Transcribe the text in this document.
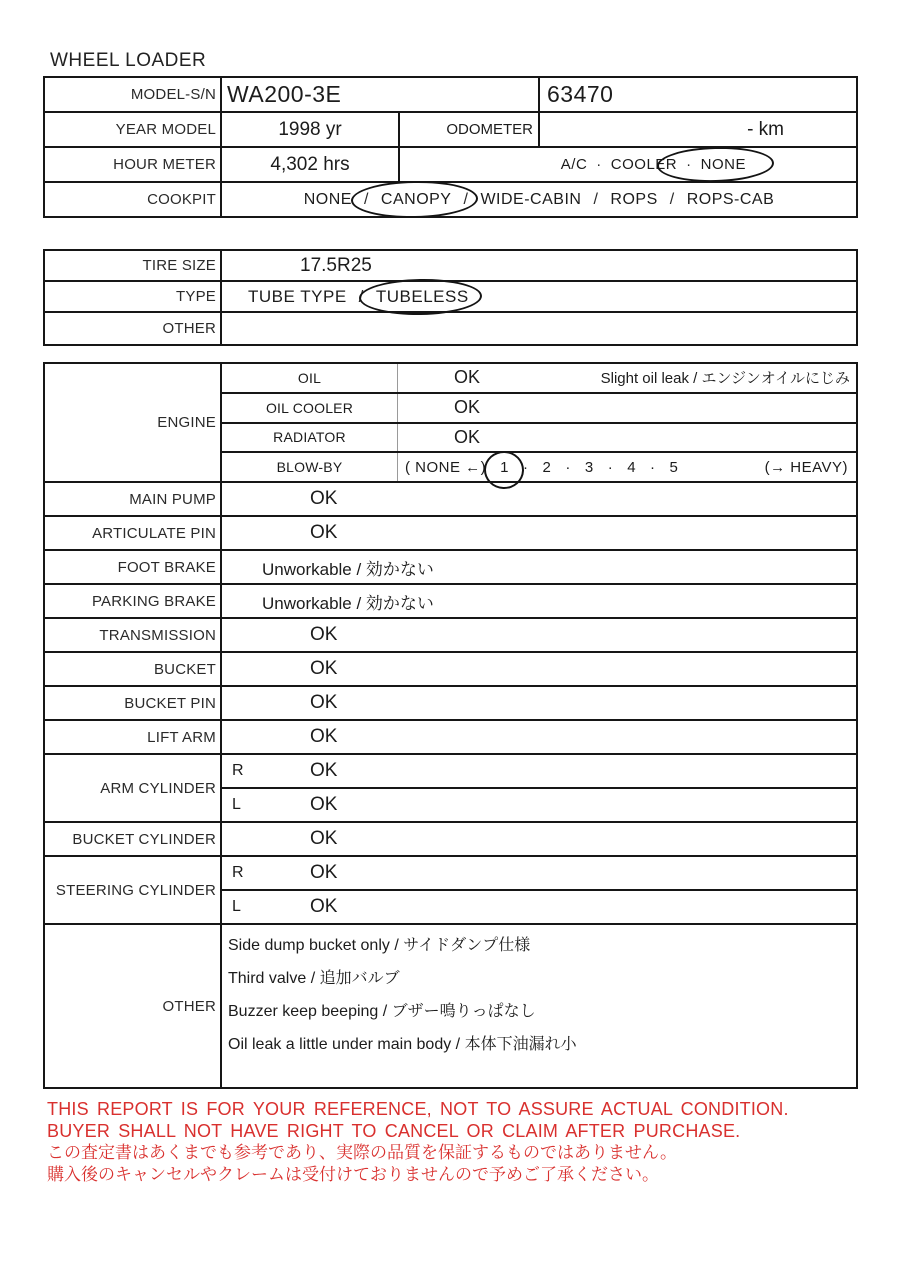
WHEEL LOADER
MODEL-S/N WA200-3E	63470
YEAR MODEL	1998 yr	ODOMETER	- km
HOUR METER	4,302 hrs	A/C · COOLER · NONE
COOKPIT	NONE / CANOPY / WIDE-CABIN / ROPS / ROPS-CAB
TIRE SIZE	17.5R25
TYPE	TUBE TYPE / TUBELESS
OTHER
ENGINE
OIL	OK	Slight oil leak / エンジンオイルにじみ
OIL COOLER	OK
RADIATOR	OK
BLOW-BY	( NONE ←) 1 · 2 · 3 · 4 · 5	(→ HEAVY)
MAIN PUMP	OK
ARTICULATE PIN	OK
FOOT BRAKE	Unworkable / 効かない
PARKING BRAKE	Unworkable / 効かない
TRANSMISSION	OK
BUCKET	OK
BUCKET PIN	OK
LIFT ARM	OK
ARM CYLINDER
R	OK
L	OK
BUCKET CYLINDER	OK
STEERING CYLINDER
R	OK
L	OK
OTHER
Side dump bucket only / サイドダンプ仕様
Third valve / 追加バルブ
Buzzer keep beeping / ブザー鳴りっぱなし
Oil leak a little under main body / 本体下油漏れ小
THIS REPORT IS FOR YOUR REFERENCE, NOT TO ASSURE ACTUAL CONDITION.
BUYER SHALL NOT HAVE RIGHT TO CANCEL OR CLAIM AFTER PURCHASE.
この査定書はあくまでも参考であり、実際の品質を保証するものではありません。
購入後のキャンセルやクレームは受付けておりませんので予めご了承ください。
